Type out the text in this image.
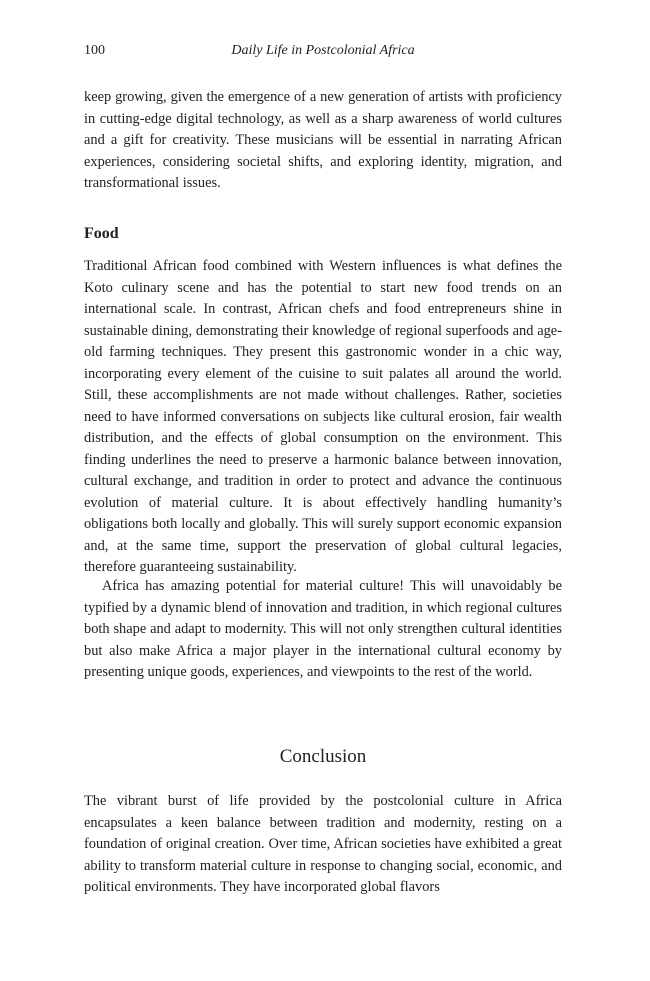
100	Daily Life in Postcolonial Africa

keep growing, given the emergence of a new generation of artists with proficiency in cutting-edge digital technology, as well as a sharp awareness of world cultures and a gift for creativity. These musicians will be essential in narrating African experiences, considering societal shifts, and exploring identity, migration, and transformational issues.

Food

Traditional African food combined with Western influences is what defines the Koto culinary scene and has the potential to start new food trends on an international scale. In contrast, African chefs and food entrepreneurs shine in sustainable dining, demonstrating their knowledge of regional superfoods and age-old farming techniques. They present this gastronomic wonder in a chic way, incorporating every element of the cuisine to suit palates all around the world. Still, these accomplishments are not made without challenges. Rather, societies need to have informed conversations on subjects like cultural erosion, fair wealth distribution, and the effects of global consumption on the environment. This finding underlines the need to preserve a harmonic balance between innovation, cultural exchange, and tradition in order to protect and advance the continuous evolution of material culture. It is about effectively handling humanity’s obligations both locally and globally. This will surely support economic expansion and, at the same time, support the preservation of global cultural legacies, therefore guaranteeing sustainability.

Africa has amazing potential for material culture! This will unavoidably be typified by a dynamic blend of innovation and tradition, in which regional cultures both shape and adapt to modernity. This will not only strengthen cultural identities but also make Africa a major player in the international cultural economy by presenting unique goods, experiences, and viewpoints to the rest of the world.

Conclusion

The vibrant burst of life provided by the postcolonial culture in Africa encapsulates a keen balance between tradition and modernity, resting on a foundation of original creation. Over time, African societies have exhibited a great ability to transform material culture in response to changing social, economic, and political environments. They have incorporated global flavors
